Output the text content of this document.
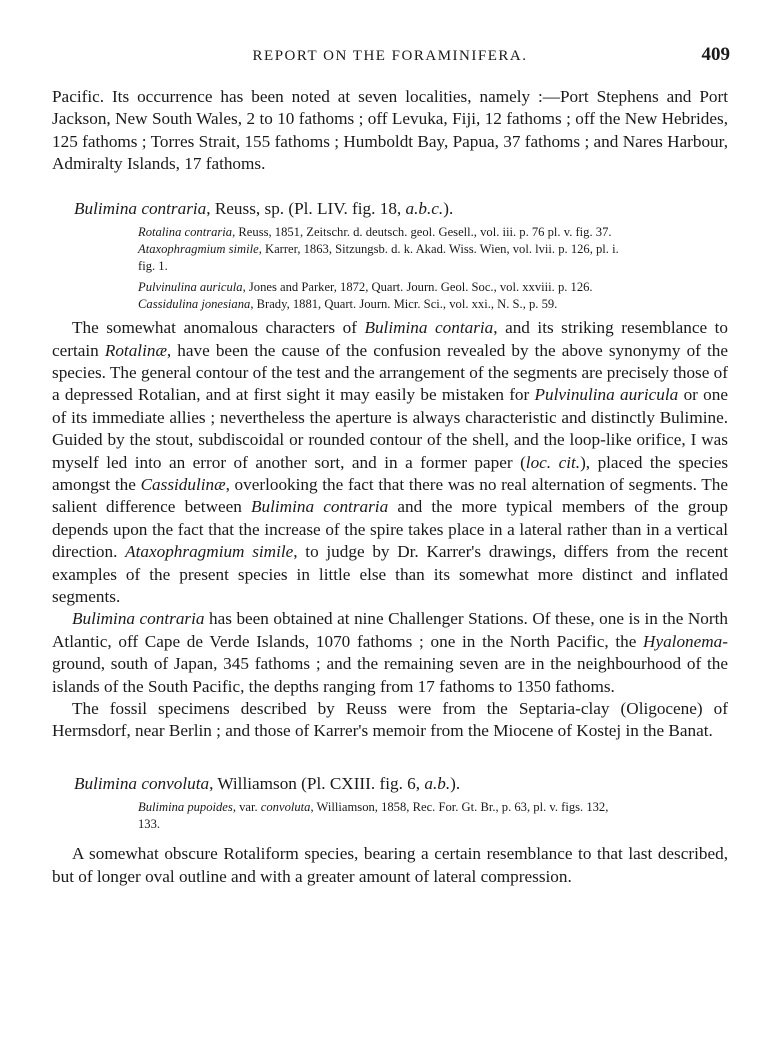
REPORT ON THE FORAMINIFERA.	409

Pacific. Its occurrence has been noted at seven localities, namely :—Port Stephens and Port Jackson, New South Wales, 2 to 10 fathoms ; off Levuka, Fiji, 12 fathoms ; off the New Hebrides, 125 fathoms ; Torres Strait, 155 fathoms ; Humboldt Bay, Papua, 37 fathoms ; and Nares Harbour, Admiralty Islands, 17 fathoms.

Bulimina contraria, Reuss, sp. (Pl. LIV. fig. 18, a.b.c.).

Rotalina contraria, Reuss, 1851, Zeitschr. d. deutsch. geol. Gesell., vol. iii. p. 76 pl. v. fig. 37.
Ataxophragmium simile, Karrer, 1863, Sitzungsb. d. k. Akad. Wiss. Wien, vol. lvii. p. 126, pl. i.
fig. 1.
Pulvinulina auricula, Jones and Parker, 1872, Quart. Journ. Geol. Soc., vol. xxviii. p. 126.
Cassidulina jonesiana, Brady, 1881, Quart. Journ. Micr. Sci., vol. xxi., N. S., p. 59.

The somewhat anomalous characters of Bulimina contaria, and its striking resemblance to certain Rotalinæ, have been the cause of the confusion revealed by the above synonymy of the species. The general contour of the test and the arrangement of the segments are precisely those of a depressed Rotalian, and at first sight it may easily be mistaken for Pulvinulina auricula or one of its immediate allies ; nevertheless the aperture is always characteristic and distinctly Bulimine. Guided by the stout, subdiscoidal or rounded contour of the shell, and the loop-like orifice, I was myself led into an error of another sort, and in a former paper (loc. cit.), placed the species amongst the Cassidulinæ, overlooking the fact that there was no real alternation of segments. The salient difference between Bulimina contraria and the more typical members of the group depends upon the fact that the increase of the spire takes place in a lateral rather than in a vertical direction. Ataxophragmium simile, to judge by Dr. Karrer's drawings, differs from the recent examples of the present species in little else than its somewhat more distinct and inflated segments.

Bulimina contraria has been obtained at nine Challenger Stations. Of these, one is in the North Atlantic, off Cape de Verde Islands, 1070 fathoms ; one in the North Pacific, the Hyalonema-ground, south of Japan, 345 fathoms ; and the remaining seven are in the neighbourhood of the islands of the South Pacific, the depths ranging from 17 fathoms to 1350 fathoms.

The fossil specimens described by Reuss were from the Septaria-clay (Oligocene) of Hermsdorf, near Berlin ; and those of Karrer's memoir from the Miocene of Kostej in the Banat.

Bulimina convoluta, Williamson (Pl. CXIII. fig. 6, a.b.).

Bulimina pupoides, var. convoluta, Williamson, 1858, Rec. For. Gt. Br., p. 63, pl. v. figs. 132,
133.

A somewhat obscure Rotaliform species, bearing a certain resemblance to that last described, but of longer oval outline and with a greater amount of lateral compression.
